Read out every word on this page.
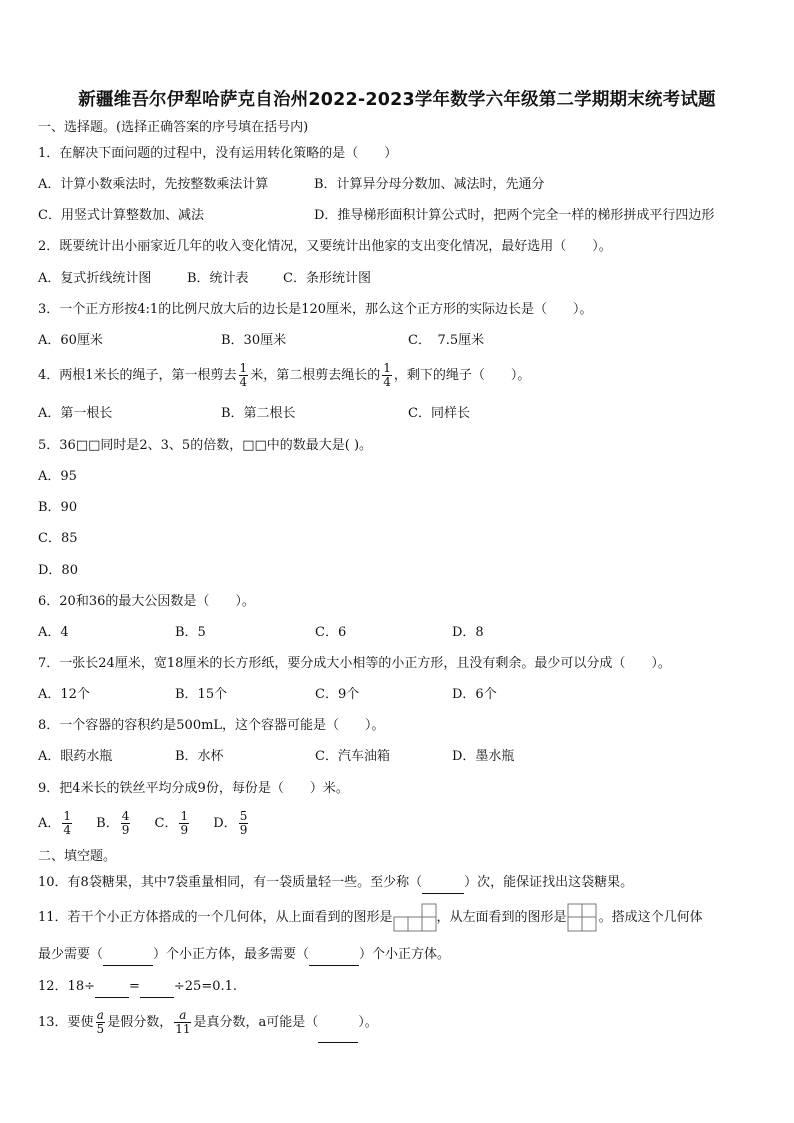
新疆维吾尔伊犁哈萨克自治州2022-2023学年数学六年级第二学期期末统考试题
一、选择题。(选择正确答案的序号填在括号内)
1．在解决下面问题的过程中，没有运用转化策略的是（　　）
A．计算小数乘法时，先按整数乘法计算	B．计算异分母分数加、减法时，先通分
C．用竖式计算整数加、减法	D．推导梯形面积计算公式时，把两个完全一样的梯形拼成平行四边形
2．既要统计出小丽家近几年的收入变化情况，又要统计出他家的支出变化情况，最好选用（　　）。
A．复式折线统计图	B．统计表	C．条形统计图
3．一个正方形按4:1的比例尺放大后的边长是120厘米，那么这个正方形的实际边长是（　　）。
A．60厘米	B．30厘米	C．　7.5厘米
4．两根1米长的绳子，第一根剪去 $\frac{1}{4}$ 米，第二根剪去绳长的 $\frac{1}{4}$ ，剩下的绳子（　　）。
A．第一根长	B．第二根长	C．同样长
5．36□□同时是2、3、5的倍数，□□中的数最大是( )。
A．95
B．90
C．85
D．80
6．20和36的最大公因数是（　　）。
A．4	B．5	C．6	D．8
7．一张长24厘米，宽18厘米的长方形纸，要分成大小相等的小正方形，且没有剩余。最少可以分成（　　）。
A．12个	B．15个	C．9个	D．6个
8．一个容器的容积约是500mL，这个容器可能是（　　）。
A．眼药水瓶	B．水杯	C．汽车油箱	D．墨水瓶
9．把4米长的铁丝平均分成9份，每份是（　　）米。
A． $\frac{1}{4}$ B． $\frac{4}{9}$ C． $\frac{1}{9}$ D． $\frac{5}{9}$
二、填空题。
10．有8袋糖果，其中7袋重量相同，有一袋质量轻一些。至少称（	）次，能保证找出这袋糖果。
11．若干个小正方体搭成的一个几何体，从上面看到的图形是	，从左面看到的图形是 。搭成这个几何体
最少需要（	）个小正方体，最多需要（	）个小正方体。
12．18÷	=	÷25=0.1.
13．要使 $\frac{a}{5}$ 是假分数， $\frac{a}{11}$ 是真分数，a可能是（	）。
